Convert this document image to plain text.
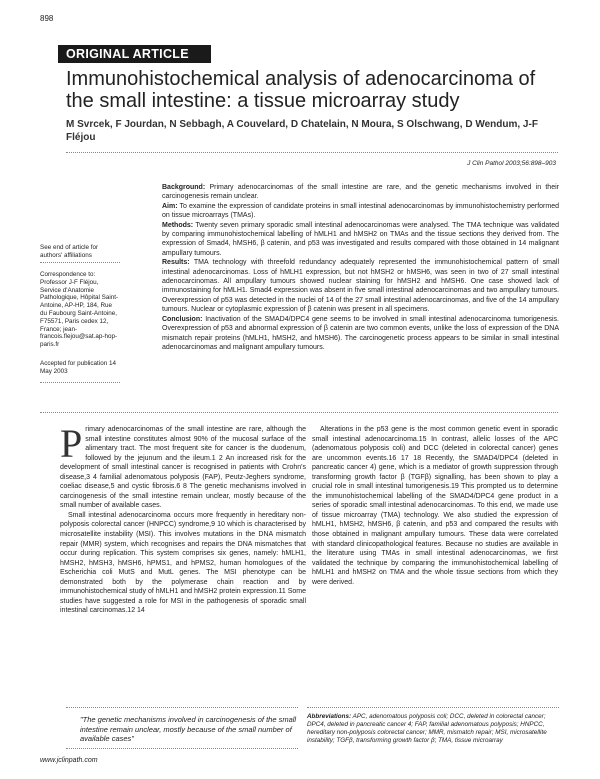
898
ORIGINAL ARTICLE
Immunohistochemical analysis of adenocarcinoma of the small intestine: a tissue microarray study
M Svrcek, F Jourdan, N Sebbagh, A Couvelard, D Chatelain, N Moura, S Olschwang, D Wendum, J-F Fléjou
J Clin Pathol 2003;56:898–903

Background: Primary adenocarcinomas of the small intestine are rare, and the genetic mechanisms involved in their carcinogenesis remain unclear.

Aim: To examine the expression of candidate proteins in small intestinal adenocarcinomas by immunohistochemistry performed on tissue microarrays (TMAs).

Methods: Twenty seven primary sporadic small intestinal adenocarcinomas were analysed. The TMA technique was validated by comparing immunohistochemical labelling of hMLH1 and hMSH2 on TMAs and the tissue sections they derived from. The expression of Smad4, hMSH6, β catenin, and p53 was investigated and results compared with those obtained in 14 malignant ampullary tumours.

Results: TMA technology with threefold redundancy adequately represented the immunohistochemical pattern of small intestinal adenocarcinomas. Loss of hMLH1 expression, but not hMSH2 or hMSH6, was seen in two of 27 small intestinal adenocarcinomas. All ampullary tumours showed nuclear staining for hMSH2 and hMSH6. One case showed lack of immunostaining for hMLH1. Smad4 expression was absent in five small intestinal adenocarcinomas and two ampullary tumours. Overexpression of p53 was detected in the nuclei of 14 of the 27 small intestinal adenocarcinomas, and five of the 14 ampullary tumours. Nuclear or cytoplasmic expression of β catenin was present in all specimens.

Conclusion: Inactivation of the SMAD4/DPC4 gene seems to be involved in small intestinal adenocarcinoma tumorigenesis. Overexpression of p53 and abnormal expression of β catenin are two common events, unlike the loss of expression of the DNA mismatch repair proteins (hMLH1, hMSH2, and hMSH6). The carcinogenetic process appears to be similar in small intestinal adenocarcinomas and malignant ampullary tumours.

See end of article for authors' affiliations

Correspondence to: Professor J-F Fléjou, Service d'Anatomie Pathologique, Hôpital Saint-Antoine, AP-HP, 184, Rue du Faubourg Saint-Antoine, F75571, Paris cedex 12, France; jean-francois.flejou@sat.ap-hop-paris.fr

Accepted for publication 14 May 2003

Primary adenocarcinomas of the small intestine are rare, although the small intestine constitutes almost 90% of the mucosal surface of the alimentary tract. The most frequent site for cancer is the duodenum, followed by the jejunum and the ileum.1 2 An increased risk for the development of small intestinal cancer is recognised in patients with Crohn's disease,3 4 familial adenomatous polyposis (FAP), Peutz-Jeghers syndrome, coeliac disease,5 and cystic fibrosis.6 8 The genetic mechanisms involved in carcinogenesis of the small intestine remain unclear, mostly because of the small number of available cases.

Small intestinal adenocarcinoma occurs more frequently in hereditary non-polyposis colorectal cancer (HNPCC) syndrome,9 10 which is characterised by microsatellite instability (MSI). This involves mutations in the DNA mismatch repair (MMR) system, which recognises and repairs the DNA mismatches that occur during replication. This system comprises six genes, namely: hMLH1, hMSH2, hMSH3, hMSH6, hPMS1, and hPMS2, human homologues of the Escherichia coli MutS and MutL genes. The MSI phenotype can be demonstrated both by the polymerase chain reaction and by immunohistochemical study of hMLH1 and hMSH2 protein expression.11 Some studies have suggested a role for MSI in the pathogenesis of sporadic small intestinal carcinomas.12 14

Alterations in the p53 gene is the most common genetic event in sporadic small intestinal adenocarcinoma.15 In contrast, allelic losses of the APC (adenomatous polyposis coli) and DCC (deleted in colorectal cancer) genes are uncommon events.16 17 18 Recently, the SMAD4/DPC4 (deleted in pancreatic cancer 4) gene, which is a mediator of growth suppression through transforming growth factor β (TGFβ) signalling, has been shown to play a crucial role in small intestinal tumorigenesis.19 This prompted us to determine the immunohistochemical labelling of the SMAD4/DPC4 gene product in a series of sporadic small intestinal adenocarcinomas. To this end, we made use of tissue microarray (TMA) technology. We also studied the expression of hMLH1, hMSH2, hMSH6, β catenin, and p53 and compared the results with those obtained in malignant ampullary tumours. These data were correlated with standard clinicopathological features. Because no studies are available in the literature using TMAs in small intestinal adenocarcinomas, we first validated the technique by comparing the immunohistochemical labelling of hMLH1 and hMSH2 on TMA and the whole tissue sections from which they were derived.

"The genetic mechanisms involved in carcinogenesis of the small intestine remain unclear, mostly because of the small number of available cases"
Abbreviations: APC, adenomatous polyposis coli; DCC, deleted in colorectal cancer; DPC4, deleted in pancreatic cancer 4; FAP, familial adenomatous polyposis; HNPCC, hereditary non-polyposis colorectal cancer; MMR, mismatch repair; MSI, microsatellite instability; TGFβ, transforming growth factor β; TMA, tissue microarray
www.jclinpath.com
